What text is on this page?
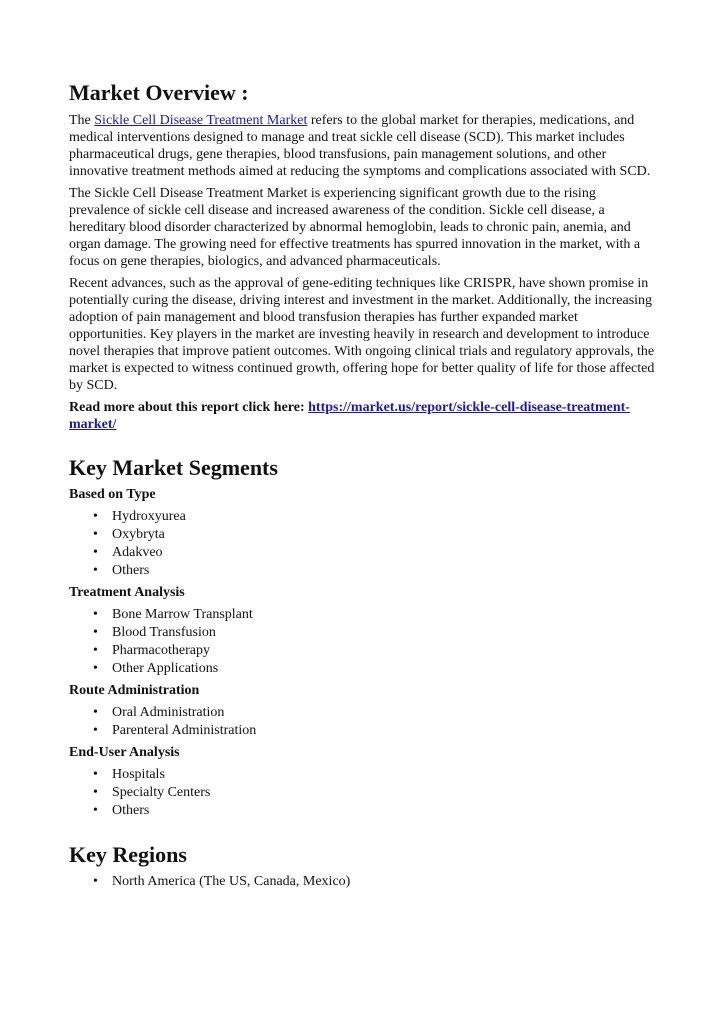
Market Overview :

The Sickle Cell Disease Treatment Market refers to the global market for therapies, medications, and medical interventions designed to manage and treat sickle cell disease (SCD). This market includes pharmaceutical drugs, gene therapies, blood transfusions, pain management solutions, and other innovative treatment methods aimed at reducing the symptoms and complications associated with SCD.

The Sickle Cell Disease Treatment Market is experiencing significant growth due to the rising prevalence of sickle cell disease and increased awareness of the condition. Sickle cell disease, a hereditary blood disorder characterized by abnormal hemoglobin, leads to chronic pain, anemia, and organ damage. The growing need for effective treatments has spurred innovation in the market, with a focus on gene therapies, biologics, and advanced pharmaceuticals.

Recent advances, such as the approval of gene-editing techniques like CRISPR, have shown promise in potentially curing the disease, driving interest and investment in the market. Additionally, the increasing adoption of pain management and blood transfusion therapies has further expanded market opportunities. Key players in the market are investing heavily in research and development to introduce novel therapies that improve patient outcomes. With ongoing clinical trials and regulatory approvals, the market is expected to witness continued growth, offering hope for better quality of life for those affected by SCD.

Read more about this report click here: https://market.us/report/sickle-cell-disease-treatment-market/

Key Market Segments
Based on Type
•	Hydroxyurea
•	Oxybryta
•	Adakveo
•	Others
Treatment Analysis
•	Bone Marrow Transplant
•	Blood Transfusion
•	Pharmacotherapy
•	Other Applications
Route Administration
•	Oral Administration
•	Parenteral Administration
End-User Analysis
•	Hospitals
•	Specialty Centers
•	Others
Key Regions
•	North America (The US, Canada, Mexico)
